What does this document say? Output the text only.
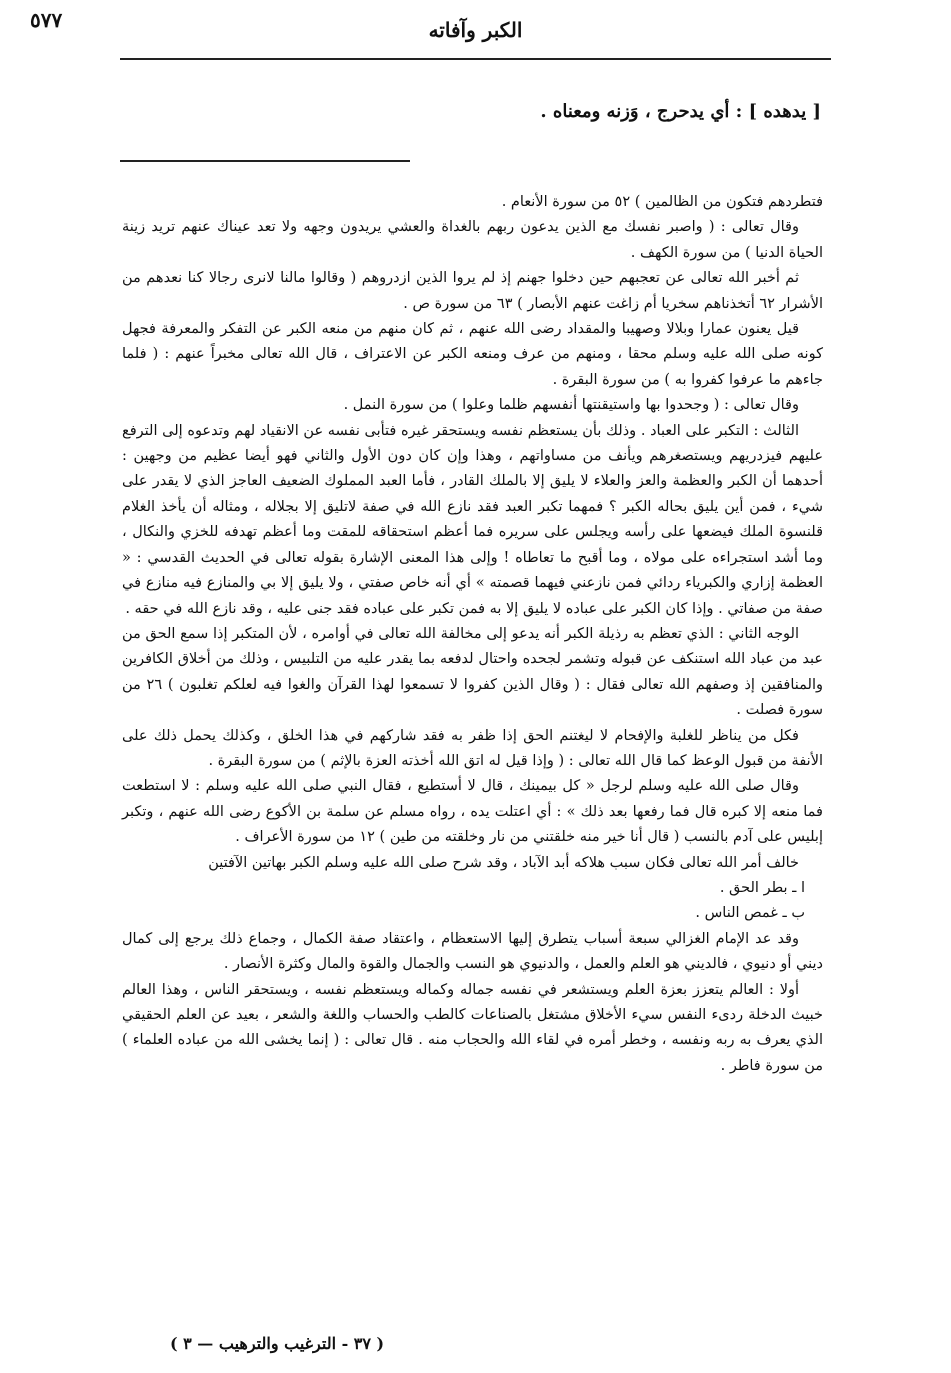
الكبر وآفاته
٥٧٧
[ يدهده ] : أي يدحرج ، وَزنه ومعناه .

فتطردهم فتكون من الظالمين ) ٥٢ من سورة الأنعام .

وقال تعالى : ( واصبر نفسك مع الذين يدعون ربهم بالغداة والعشي يريدون وجهه ولا تعد عيناك عنهم تريد زينة الحياة الدنيا ) من سورة الكهف .

ثم أخبر الله تعالى عن تعجبهم حين دخلوا جهنم إذ لم يروا الذين ازدروهم ( وقالوا مالنا لانرى رجالا كنا نعدهم من الأشرار ٦٢ أتخذناهم سخريا أم زاغت عنهم الأبصار ) ٦٣ من سورة ص .

قيل يعنون عمارا وبلالا وصهيبا والمقداد رضى الله عنهم ، ثم كان منهم من منعه الكبر عن التفكر والمعرفة فجهل كونه صلى الله عليه وسلم محقا ، ومنهم من عرف ومنعه الكبر عن الاعتراف ، قال الله تعالى مخبراً عنهم : ( فلما جاءهم ما عرفوا كفروا به ) من سورة البقرة .

وقال تعالى : ( وجحدوا بها واستيقنتها أنفسهم ظلما وعلوا ) من سورة النمل .

الثالث : التكبر على العباد . وذلك بأن يستعظم نفسه ويستحقر غيره فتأبى نفسه عن الانقياد لهم وتدعوه إلى الترفع عليهم فيزدريهم ويستصغرهم ويأنف من مساواتهم ، وهذا وإن كان دون الأول والثاني فهو أيضا عظيم من وجهين : أحدهما أن الكبر والعظمة والعز والعلاء لا يليق إلا بالملك القادر ، فأما العبد المملوك الضعيف العاجز الذي لا يقدر على شيء ، فمن أين يليق بحاله الكبر ؟ فمهما تكبر العبد فقد نازع الله في صفة لاتليق إلا بجلاله ، ومثاله أن يأخذ الغلام قلنسوة الملك فيضعها على رأسه ويجلس على سريره فما أعظم استحقاقه للمقت وما أعظم تهدفه للخزي والنكال ، وما أشد استجراءه على مولاه ، وما أقبح ما تعاطاه ! وإلى هذا المعنى الإشارة بقوله تعالى في الحديث القدسي : « العظمة إزاري والكبرياء ردائي فمن نازعني فيهما قصمته » أي أنه خاص صفتي ، ولا يليق إلا بي والمنازع فيه منازع في صفة من صفاتي . وإذا كان الكبر على عباده لا يليق إلا به فمن تكبر على عباده فقد جنى عليه ، وقد نازع الله في حقه .

الوجه الثاني : الذي تعظم به رذيلة الكبر أنه يدعو إلى مخالفة الله تعالى في أوامره ، لأن المتكبر إذا سمع الحق من عبد من عباد الله استنكف عن قبوله وتشمر لجحده واحتال لدفعه بما يقدر عليه من التلبيس ، وذلك من أخلاق الكافرين والمنافقين إذ وصفهم الله تعالى فقال : ( وقال الذين كفروا لا تسمعوا لهذا القرآن والغوا فيه لعلكم تغلبون ) ٢٦ من سورة فصلت .

فكل من يناظر للغلبة والإفحام لا ليغتنم الحق إذا ظفر به فقد شاركهم في هذا الخلق ، وكذلك يحمل ذلك على الأنفة من قبول الوعظ كما قال الله تعالى : ( وإذا قيل له اتق الله أخذته العزة بالإثم ) من سورة البقرة .

وقال صلى الله عليه وسلم لرجل « كل بيمينك ، قال لا أستطيع ، فقال النبي صلى الله عليه وسلم : لا استطعت فما منعه إلا كبره قال فما رفعها بعد ذلك » : أي اعتلت يده ، رواه مسلم عن سلمة بن الأكوع رضى الله عنهم ، وتكبر إبليس على آدم بالنسب ( قال أنا خير منه خلقتني من نار وخلقته من طين ) ١٢ من سورة الأعراف .

خالف أمر الله تعالى فكان سبب هلاكه أبد الآباد ، وقد شرح صلى الله عليه وسلم الكبر بهاتين الآفتين

ا ـ بطر الحق .

ب ـ غمص الناس .

وقد عد الإمام الغزالي سبعة أسباب يتطرق إليها الاستعظام ، واعتقاد صفة الكمال ، وجماع ذلك يرجع إلى كمال ديني أو دنيوي ، فالديني هو العلم والعمل ، والدنيوي هو النسب والجمال والقوة والمال وكثرة الأنصار .

أولا : العالم يتعزز بعزة العلم ويستشعر في نفسه جماله وكماله ويستعظم نفسه ، ويستحقر الناس ، وهذا العالم خبيث الدخلة ردىء النفس سيء الأخلاق مشتغل بالصناعات كالطب والحساب واللغة والشعر ، بعيد عن العلم الحقيقي الذي يعرف به ربه ونفسه ، وخطر أمره في لقاء الله والحجاب منه . قال تعالى : ( إنما يخشى الله من عباده العلماء ) من سورة فاطر .

( ٣٧ - الترغيب والترهيب — ٣ )
